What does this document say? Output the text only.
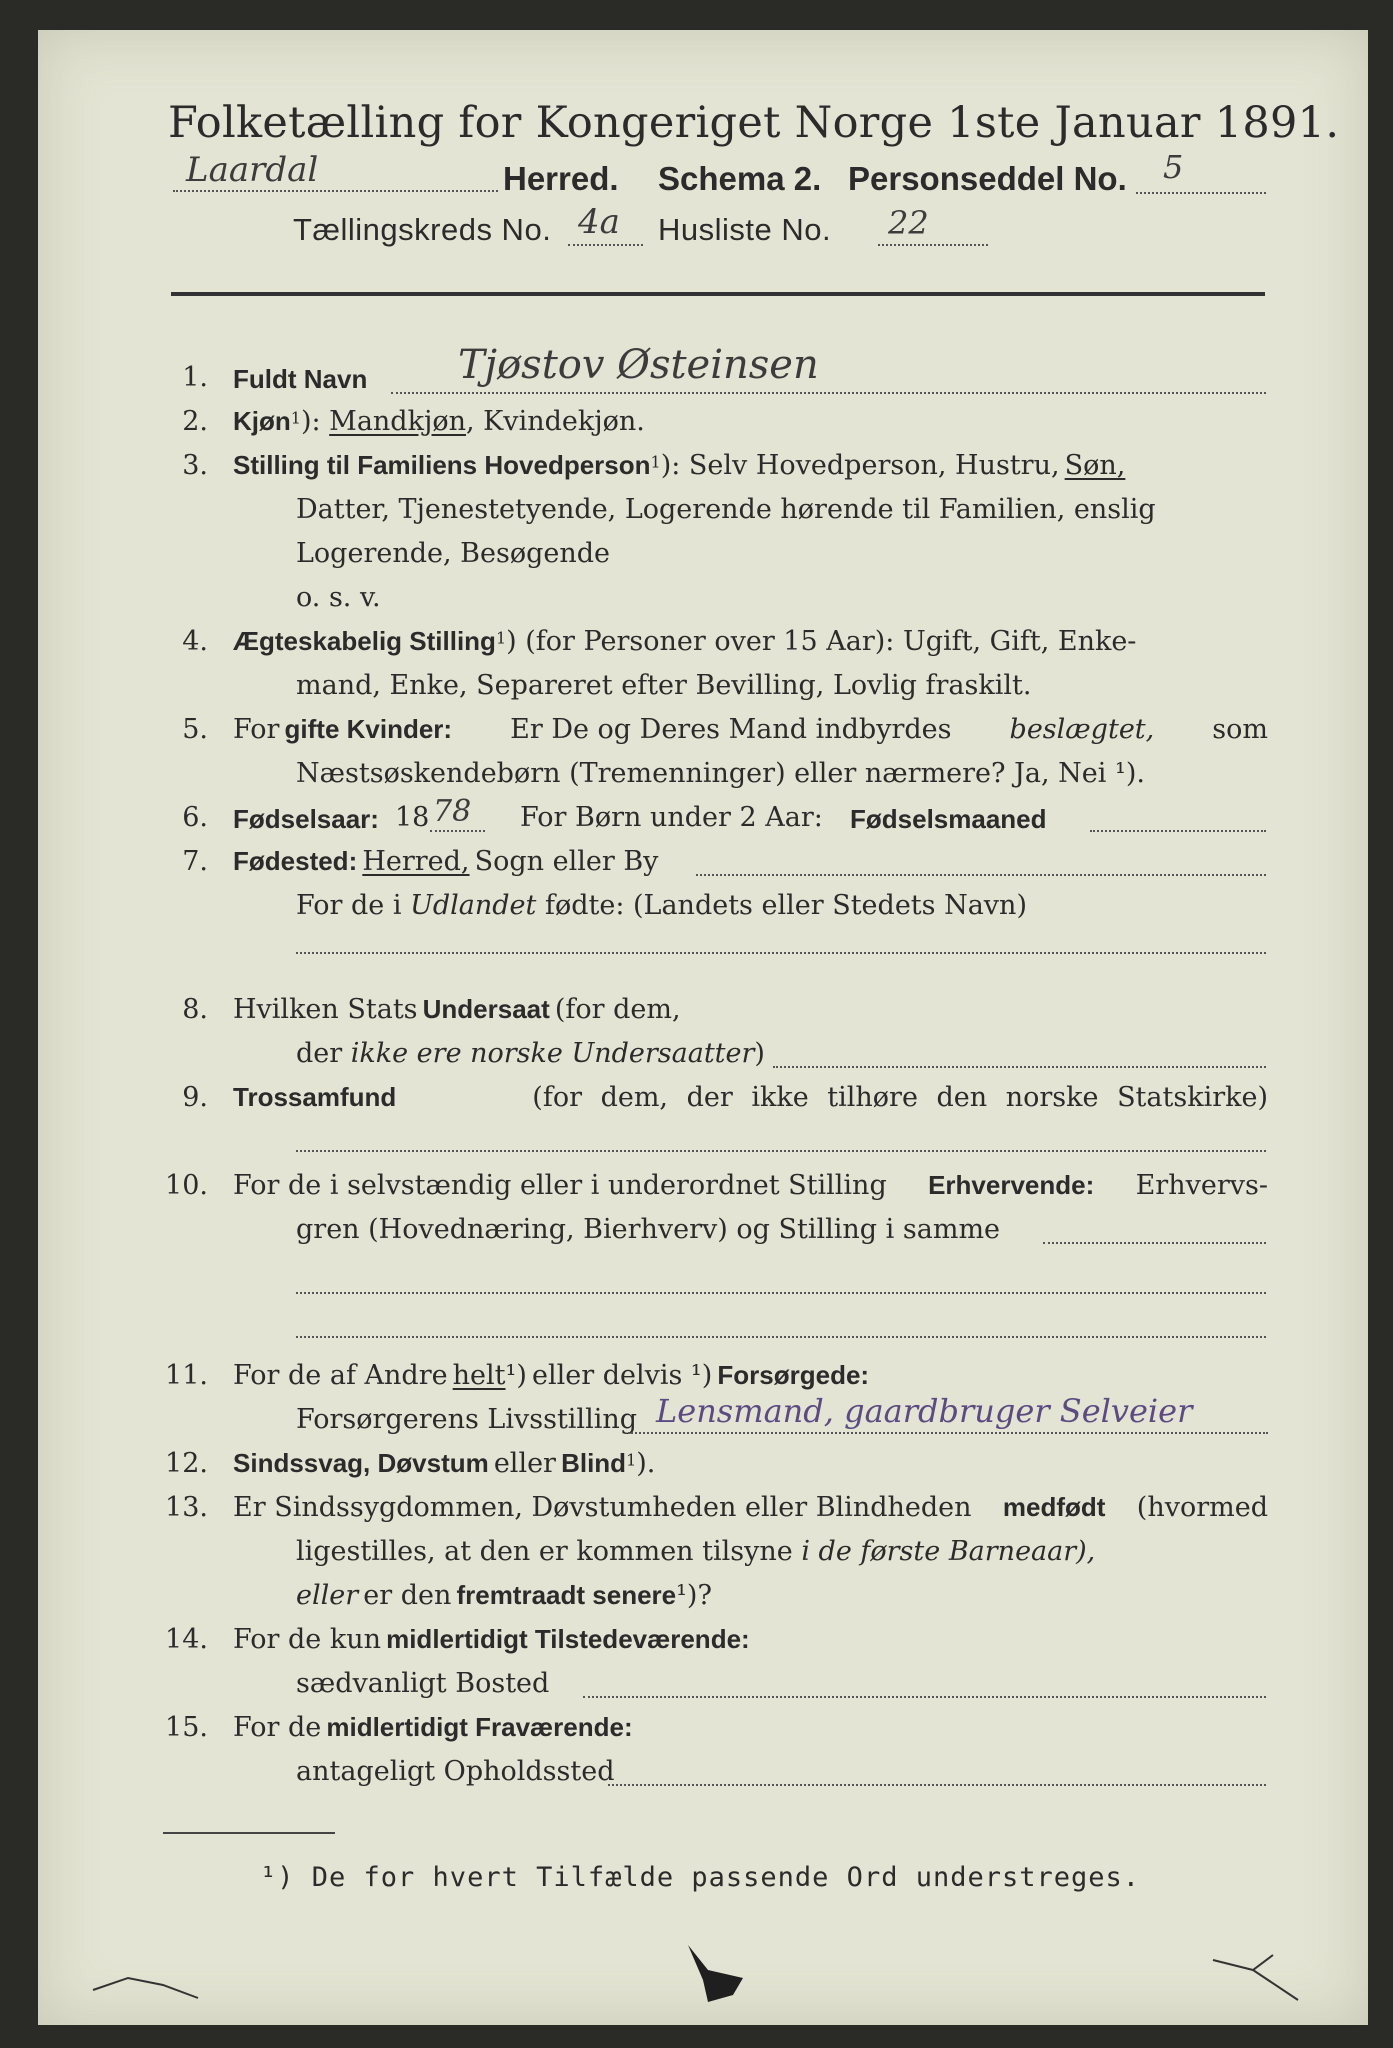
Folketælling for Kongeriget Norge 1ste Januar 1891.
Laardal	Herred. Schema 2. Personseddel No. 5
Tællingskreds No. 4a Husliste No. 22
1. Fuldt Navn Tjøstov Østeinsen
2. Kjøn$^1$): Mandkjøn, Kvindekjøn.
3. Stilling til Familiens Hovedperson$^1$): Selv Hovedperson, Hustru, Søn,
Datter, Tjenestetyende, Logerende hørende til Familien, enslig
Logerende, Besøgende
o. s. v.
4. Ægteskabelig Stilling$^1$) (for Personer over 15 Aar): Ugift, Gift, Enke-
mand, Enke, Separeret efter Bevilling, Lovlig fraskilt.
5. For gifte Kvinder: Er De og Deres Mand indbyrdes beslægtet, som
Næstsøskendebørn (Tremenninger) eller nærmere? Ja, Nei ¹).
6. Fødselsaar: 18 78 For Børn under 2 Aar: Fødselsmaaned
7. Fødested: Herred, Sogn eller By
For de i Udlandet fødte: (Landets eller Stedets Navn)
8. Hvilken Stats Undersaat (for dem,
der ikke ere norske Undersaatter)
9. Trossamfund	(for dem, der ikke tilhøre den norske Statskirke)
10. For de i selvstændig eller i underordnet Stilling Erhvervende: Erhvervs-
gren (Hovednæring, Bierhverv) og Stilling i samme
11. For de af Andre helt¹) eller delvis ¹) Forsørgede:
Forsørgerens Livsstilling Lensmand, gaardbruger Selveier
12. Sindssvag, Døvstum eller Blind$^1$).
13. Er Sindssygdommen, Døvstumheden eller Blindheden medfødt (hvormed
ligestilles, at den er kommen tilsyne i de første Barneaar),
eller er den fremtraadt senere¹)?
14. For de kun midlertidigt Tilstedeværende:
sædvanligt Bosted
15. For de midlertidigt Fraværende:
antageligt Opholdssted
¹) De for hvert Tilfælde passende Ord understreges.
